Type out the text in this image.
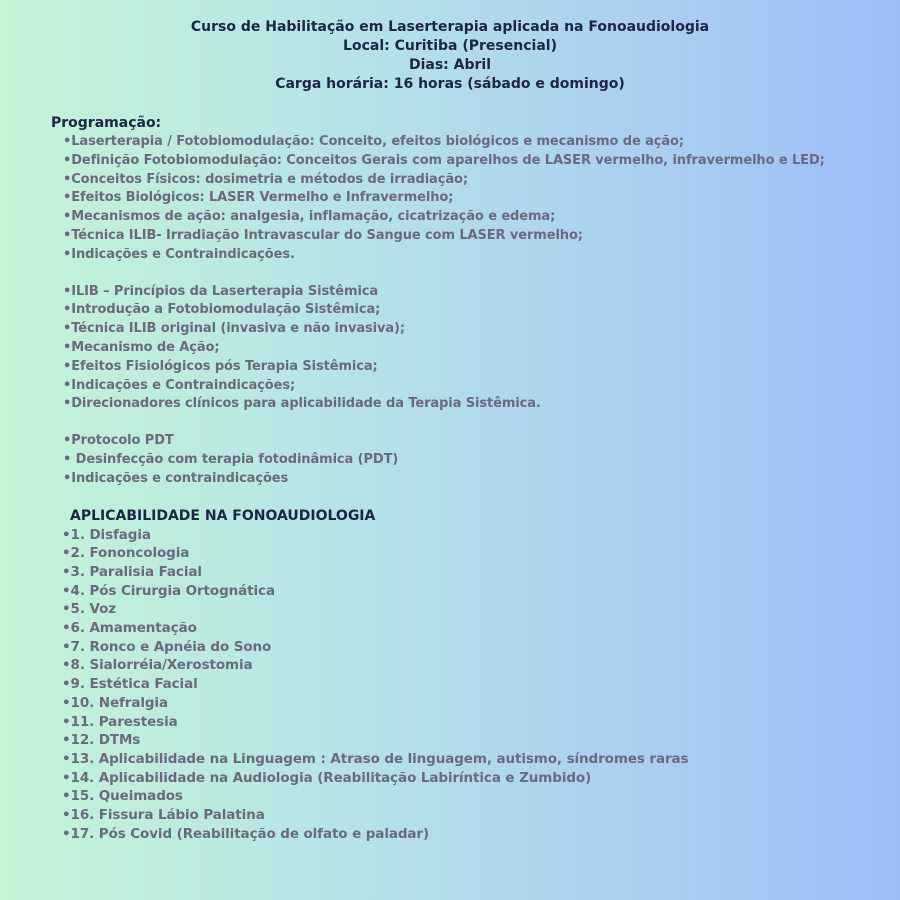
Curso de Habilitação em Laserterapia aplicada na Fonoaudiologia
Local: Curitiba (Presencial)
Dias: Abril
Carga horária: 16 horas (sábado e domingo)
Programação:
• Laserterapia / Fotobiomodulação: Conceito, efeitos biológicos e mecanismo de ação;
• Definição Fotobiomodulação: Conceitos Gerais com aparelhos de LASER vermelho, infravermelho e LED;
• Conceitos Físicos: dosimetria e métodos de irradiação;
• Efeitos Biológicos: LASER Vermelho e Infravermelho;
• Mecanismos de ação: analgesia, inflamação, cicatrização e edema;
• Técnica ILIB- Irradiação Intravascular do Sangue com LASER vermelho;
• Indicações e Contraindicações.
• ILIB – Princípios da Laserterapia Sistêmica
• Introdução a Fotobiomodulação Sistêmica;
• Técnica ILIB original (invasiva e não invasiva);
• Mecanismo de Ação;
• Efeitos Fisiológicos pós Terapia Sistêmica;
• Indicações e Contraindicações;
• Direcionadores clínicos para aplicabilidade da Terapia Sistêmica.
• Protocolo PDT
•  Desinfecção com terapia fotodinâmica (PDT)
• Indicações e contraindicações
APLICABILIDADE NA FONOAUDIOLOGIA
• 1. Disfagia
• 2. Fononcologia
• 3. Paralisia Facial
• 4. Pós Cirurgia Ortognática
• 5. Voz
• 6. Amamentação
• 7. Ronco e Apnéia do Sono
• 8. Sialorréia/Xerostomia
• 9. Estética Facial
• 10. Nefralgia
• 11. Parestesia
• 12. DTMs
• 13. Aplicabilidade na Linguagem : Atraso de linguagem, autismo, síndromes raras
• 14. Aplicabilidade na Audiologia (Reabilitação Labiríntica e Zumbido)
• 15. Queimados
• 16. Fissura Lábio Palatina
• 17. Pós Covid (Reabilitação de olfato e paladar)
